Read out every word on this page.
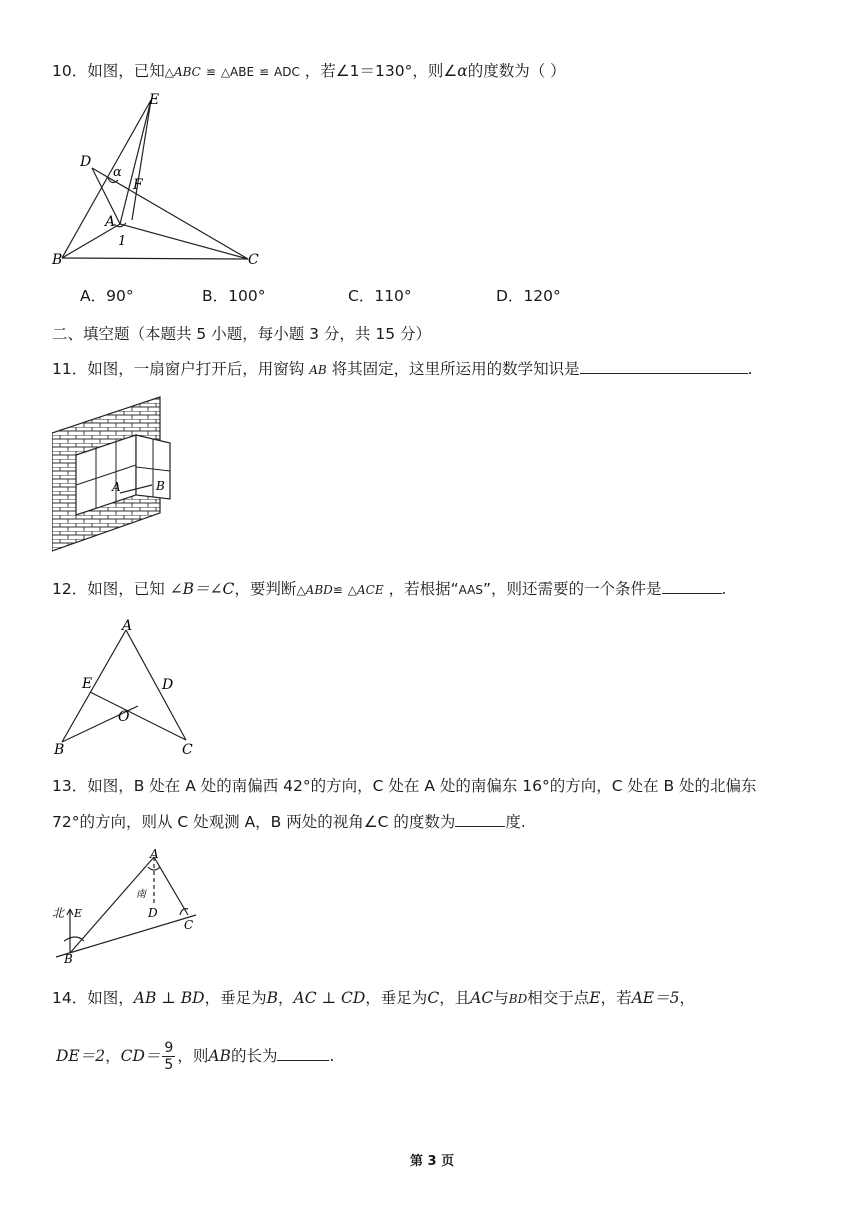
10．如图，已知△ABC ≌ △ABE ≌ ADC ，若∠1＝130°，则∠α的度数为（ ）
E
D
α
F
A
1
B	C
A．90°	B．100°	C．110°	D．120°
二、填空题（本题共 5 小题，每小题 3 分，共 15 分）
11．如图，一扇窗户打开后，用窗钩 AB 将其固定，这里所运用的数学知识是	.
A	B
12．如图，已知 ∠B＝∠C，要判断△ABD≌ △ACE ，若根据“AAS”，则还需要的一个条件是	.
A
E	D
O
B	C
13．如图，B 处在 A 处的南偏西 42°的方向，C 处在 A 处的南偏东 16°的方向，C 处在 B 处的北偏东
72°的方向，则从 C 处观测 A，B 两处的视角∠C 的度数为	度.
A
南
北 E	D
B
C
14．如图，AB ⊥ BD，垂足为B，AC ⊥ CD，垂足为C，且AC与BD相交于点E，若AE＝5，
DE＝2，$CD= \frac{9}{5}$ ，则AB的长为	.
第 3 页
